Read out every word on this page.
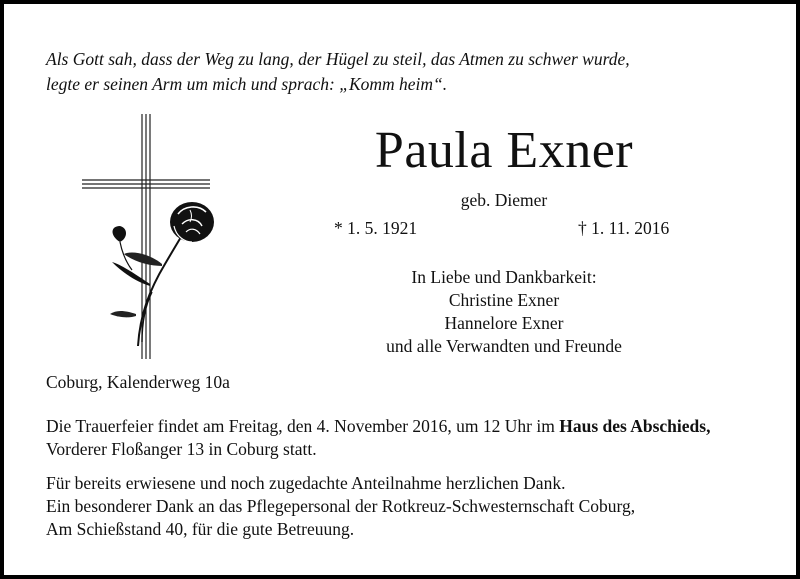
Als Gott sah, dass der Weg zu lang, der Hügel zu steil, das Atmen zu schwer wurde,
legte er seinen Arm um mich und sprach: „Komm heim“.

Paula Exner
geb. Diemer
* 1. 5. 1921	† 1. 11. 2016
In Liebe und Dankbarkeit:
Christine Exner
Hannelore Exner
und alle Verwandten und Freunde
Coburg, Kalenderweg 10a

Die Trauerfeier findet am Freitag, den 4. November 2016, um 12 Uhr im Haus des Abschieds,
Vorderer Floßanger 13 in Coburg statt.

Für bereits erwiesene und noch zugedachte Anteilnahme herzlichen Dank.
Ein besonderer Dank an das Pflegepersonal der Rotkreuz-Schwesternschaft Coburg,
Am Schießstand 40, für die gute Betreuung.
